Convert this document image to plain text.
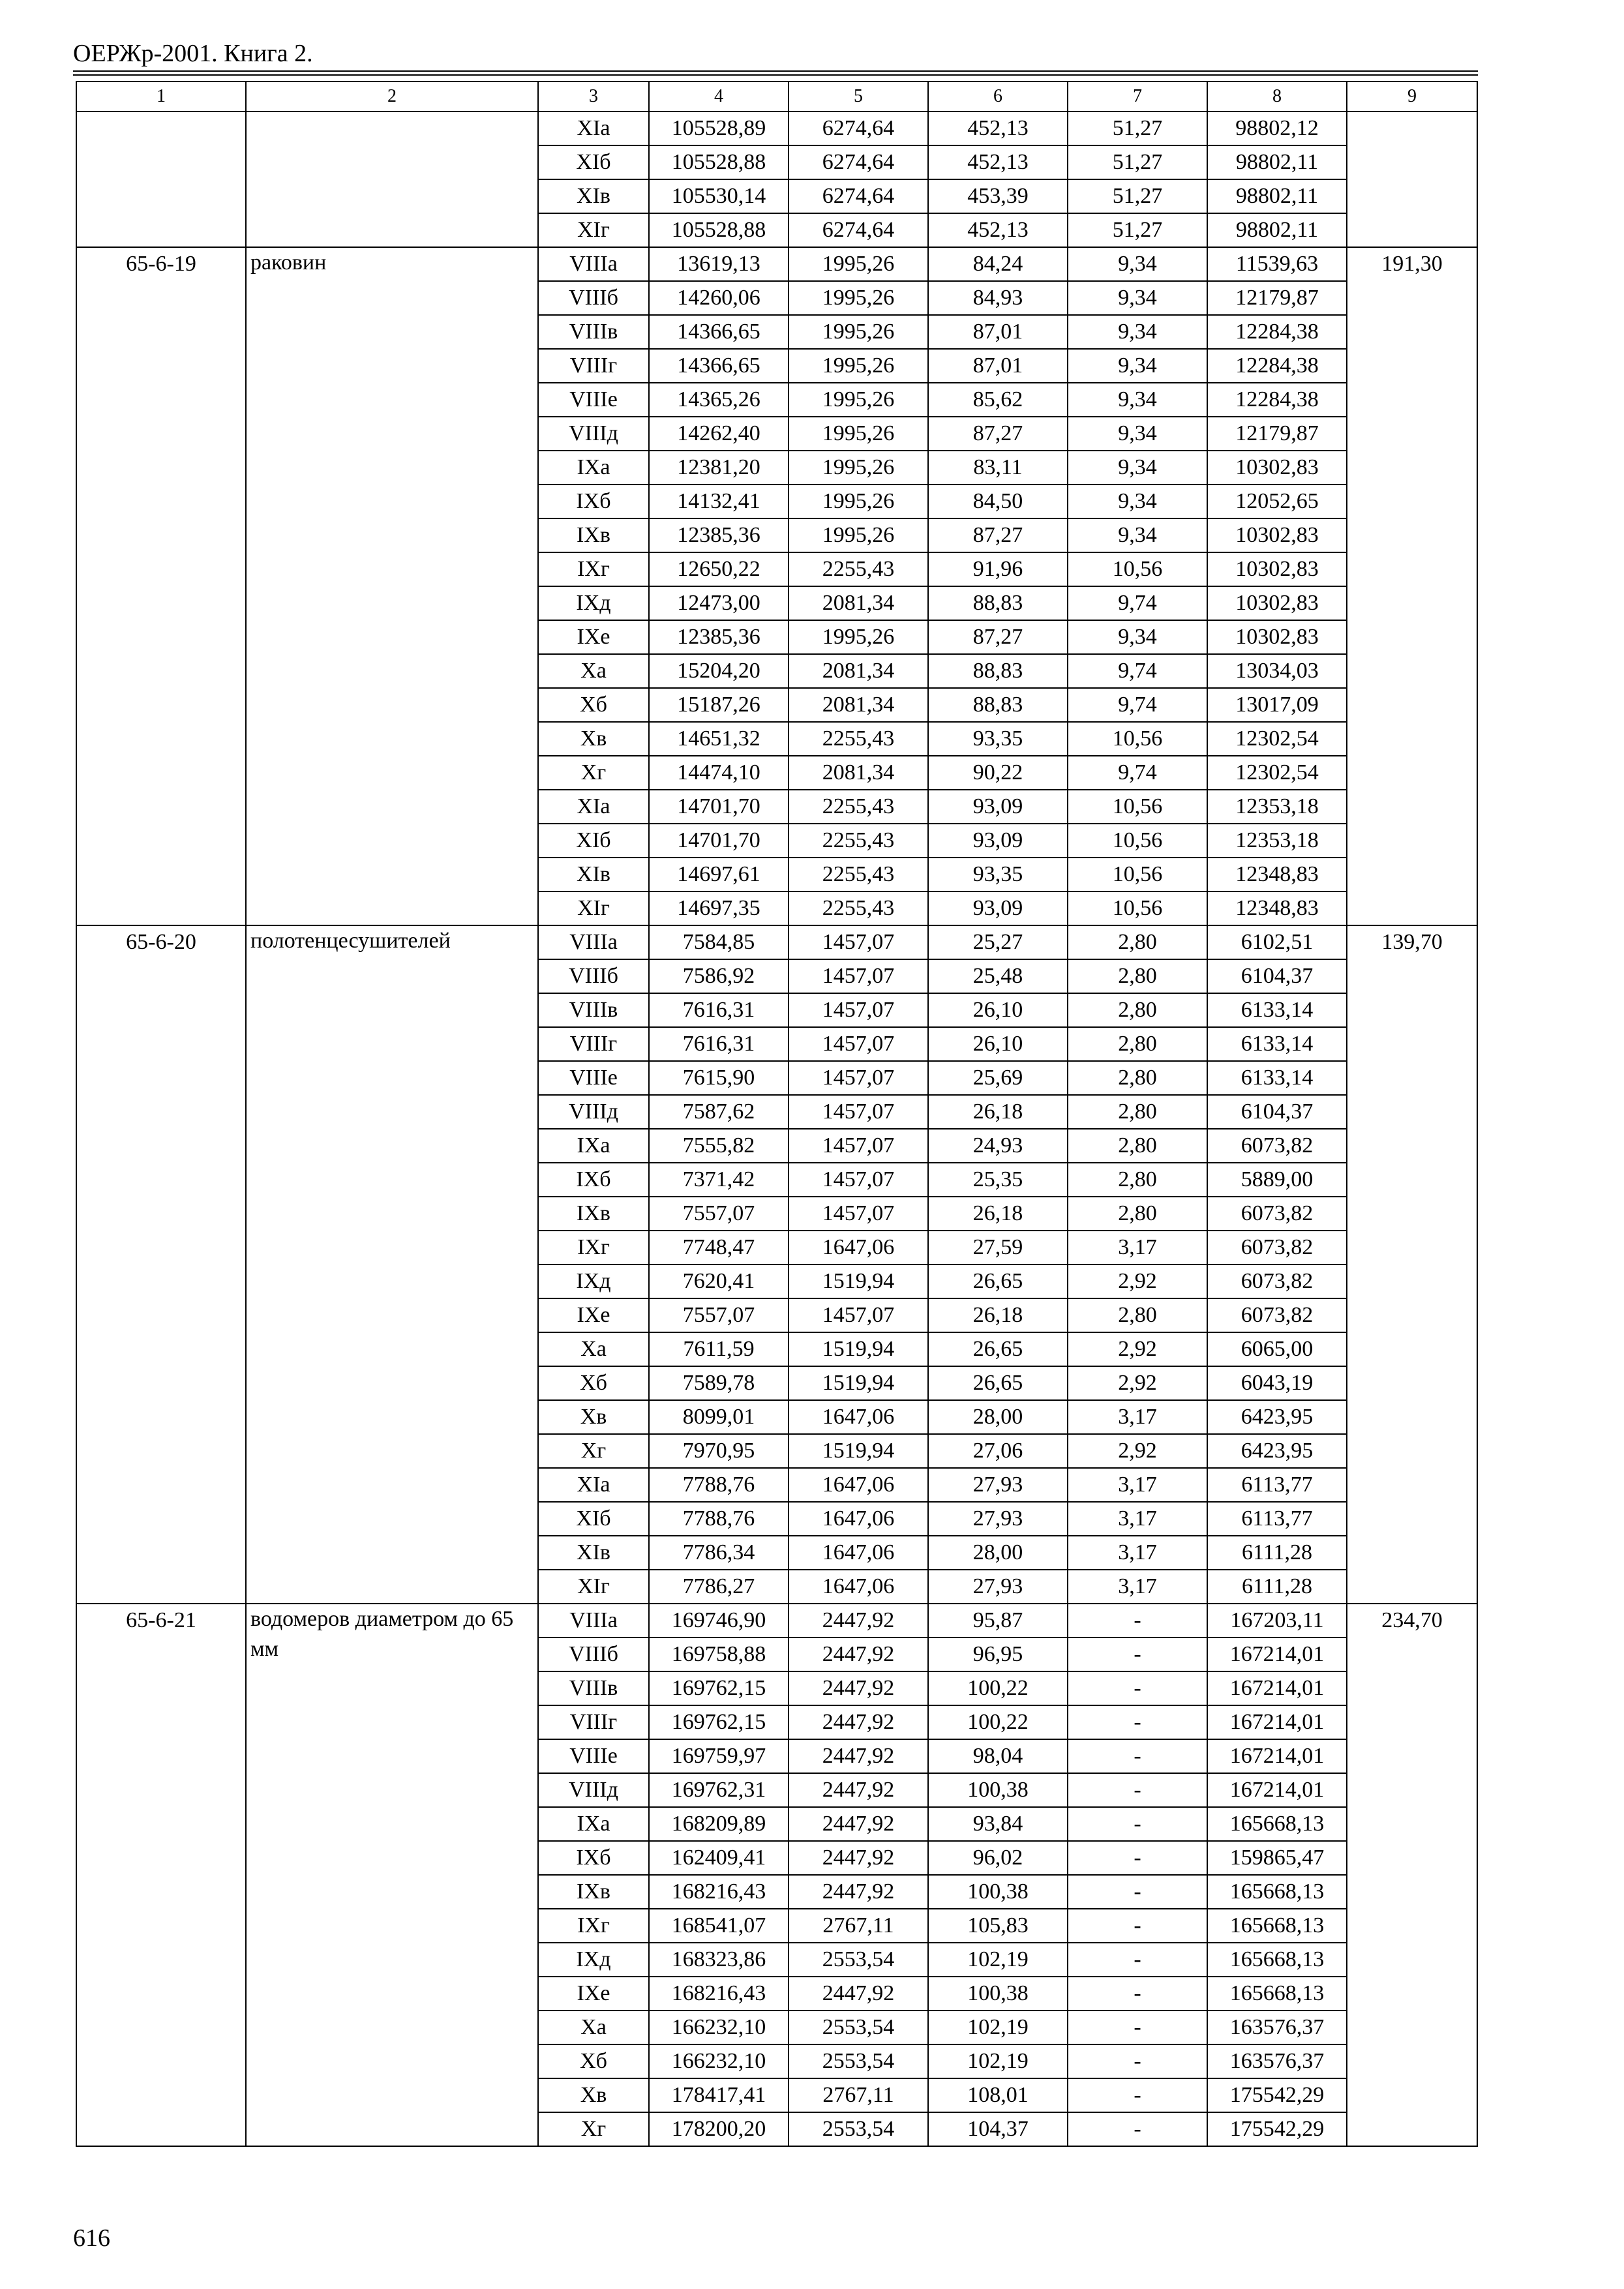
ОЕРЖр-2001. Книга 2.
1	2	3	4	5	6	7	8	9
		XIа	105528,89	6274,64	452,13	51,27	98802,12	
		XIб	105528,88	6274,64	452,13	51,27	98802,11	
		XIв	105530,14	6274,64	453,39	51,27	98802,11	
		XIг	105528,88	6274,64	452,13	51,27	98802,11	
65-6-19	раковин	VIIIа	13619,13	1995,26	84,24	9,34	11539,63	191,30
		VIIIб	14260,06	1995,26	84,93	9,34	12179,87	
		VIIIв	14366,65	1995,26	87,01	9,34	12284,38	
		VIIIг	14366,65	1995,26	87,01	9,34	12284,38	
		VIIIе	14365,26	1995,26	85,62	9,34	12284,38	
		VIIIд	14262,40	1995,26	87,27	9,34	12179,87	
		IXа	12381,20	1995,26	83,11	9,34	10302,83	
		IXб	14132,41	1995,26	84,50	9,34	12052,65	
		IXв	12385,36	1995,26	87,27	9,34	10302,83	
		IXг	12650,22	2255,43	91,96	10,56	10302,83	
		IXд	12473,00	2081,34	88,83	9,74	10302,83	
		IXе	12385,36	1995,26	87,27	9,34	10302,83	
		Xа	15204,20	2081,34	88,83	9,74	13034,03	
		Xб	15187,26	2081,34	88,83	9,74	13017,09	
		Xв	14651,32	2255,43	93,35	10,56	12302,54	
		Xг	14474,10	2081,34	90,22	9,74	12302,54	
		XIа	14701,70	2255,43	93,09	10,56	12353,18	
		XIб	14701,70	2255,43	93,09	10,56	12353,18	
		XIв	14697,61	2255,43	93,35	10,56	12348,83	
		XIг	14697,35	2255,43	93,09	10,56	12348,83	
65-6-20	полотенцесушителей	VIIIа	7584,85	1457,07	25,27	2,80	6102,51	139,70
		VIIIб	7586,92	1457,07	25,48	2,80	6104,37	
		VIIIв	7616,31	1457,07	26,10	2,80	6133,14	
		VIIIг	7616,31	1457,07	26,10	2,80	6133,14	
		VIIIе	7615,90	1457,07	25,69	2,80	6133,14	
		VIIIд	7587,62	1457,07	26,18	2,80	6104,37	
		IXа	7555,82	1457,07	24,93	2,80	6073,82	
		IXб	7371,42	1457,07	25,35	2,80	5889,00	
		IXв	7557,07	1457,07	26,18	2,80	6073,82	
		IXг	7748,47	1647,06	27,59	3,17	6073,82	
		IXд	7620,41	1519,94	26,65	2,92	6073,82	
		IXе	7557,07	1457,07	26,18	2,80	6073,82	
		Xа	7611,59	1519,94	26,65	2,92	6065,00	
		Xб	7589,78	1519,94	26,65	2,92	6043,19	
		Xв	8099,01	1647,06	28,00	3,17	6423,95	
		Xг	7970,95	1519,94	27,06	2,92	6423,95	
		XIа	7788,76	1647,06	27,93	3,17	6113,77	
		XIб	7788,76	1647,06	27,93	3,17	6113,77	
		XIв	7786,34	1647,06	28,00	3,17	6111,28	
		XIг	7786,27	1647,06	27,93	3,17	6111,28	
65-6-21	водомеров диаметром до 65 мм	VIIIа	169746,90	2447,92	95,87	-	167203,11	234,70
		VIIIб	169758,88	2447,92	96,95	-	167214,01	
		VIIIв	169762,15	2447,92	100,22	-	167214,01	
		VIIIг	169762,15	2447,92	100,22	-	167214,01	
		VIIIе	169759,97	2447,92	98,04	-	167214,01	
		VIIIд	169762,31	2447,92	100,38	-	167214,01	
		IXа	168209,89	2447,92	93,84	-	165668,13	
		IXб	162409,41	2447,92	96,02	-	159865,47	
		IXв	168216,43	2447,92	100,38	-	165668,13	
		IXг	168541,07	2767,11	105,83	-	165668,13	
		IXд	168323,86	2553,54	102,19	-	165668,13	
		IXе	168216,43	2447,92	100,38	-	165668,13	
		Xа	166232,10	2553,54	102,19	-	163576,37	
		Xб	166232,10	2553,54	102,19	-	163576,37	
		Xв	178417,41	2767,11	108,01	-	175542,29	
		Xг	178200,20	2553,54	104,37	-	175542,29	
616
